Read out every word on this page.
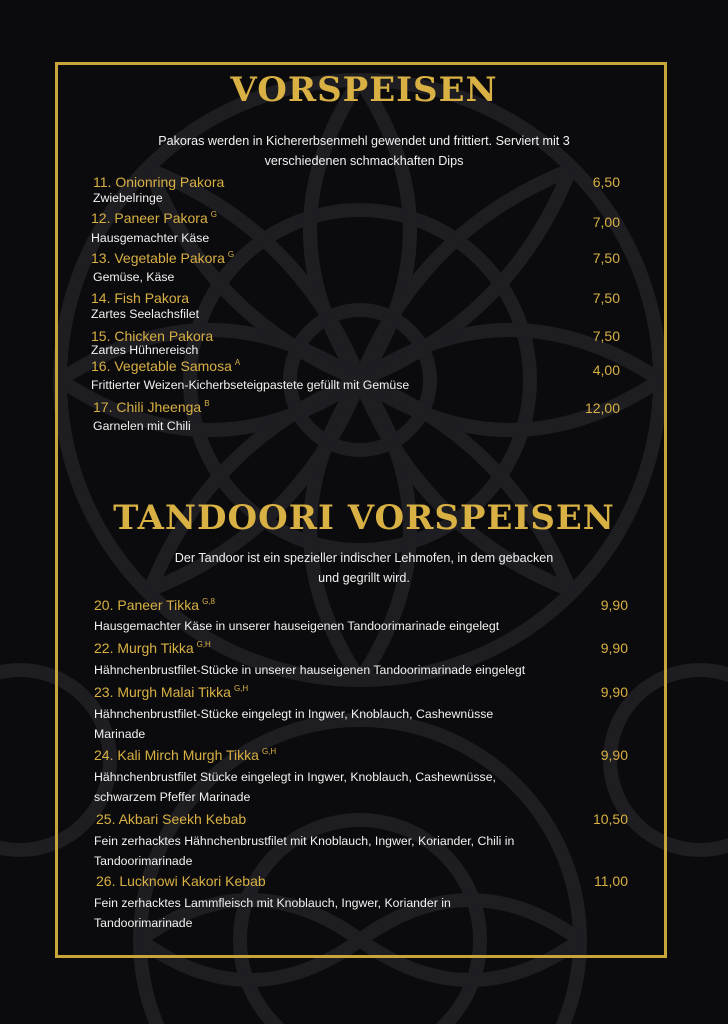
VORSPEISEN
Pakoras werden in Kichererbsenmehl gewendet und frittiert. Serviert mit 3
verschiedenen schmackhaften Dips
11. Onionring Pakora
Zwiebelringe
6,50
12. Paneer Pakora $^G$
Hausgemachter Käse
7,00
13. Vegetable Pakora $^G$
Gemüse, Käse
7,50
14. Fish Pakora
Zartes Seelachsfilet
7,50
15. Chicken Pakora
Zartes Hühnereisch
7,50
16. Vegetable Samosa $^A$
Frittierter Weizen-Kicherbseteigpastete gefüllt mit Gemüse
4,00
17. Chili Jheenga $^B$
Garnelen mit Chili
12,00
TANDOORI VORSPEISEN
Der Tandoor ist ein spezieller indischer Lehmofen, in dem gebacken
und gegrillt wird.
20. Paneer Tikka $^{G,8}$
Hausgemachter Käse in unserer hauseigenen Tandoorimarinade eingelegt
9,90
22. Murgh Tikka $^{G,H}$
Hähnchenbrustfilet-Stücke in unserer hauseigenen Tandoorimarinade eingelegt
9,90
23. Murgh Malai Tikka $^{G,H}$
Hähnchenbrustfilet-Stücke eingelegt in Ingwer, Knoblauch, Cashewnüsse
Marinade
9,90
24. Kali Mirch Murgh Tikka $^{G,H}$
Hähnchenbrustfilet Stücke eingelegt in Ingwer, Knoblauch, Cashewnüsse,
schwarzem Pfeffer Marinade
9,90
25. Akbari Seekh Kebab
Fein zerhacktes Hähnchenbrustfilet mit Knoblauch, Ingwer, Koriander, Chili in
Tandoorimarinade
10,50
26. Lucknowi Kakori Kebab
Fein zerhacktes Lammfleisch mit Knoblauch, Ingwer, Koriander in
Tandoorimarinade
11,00
